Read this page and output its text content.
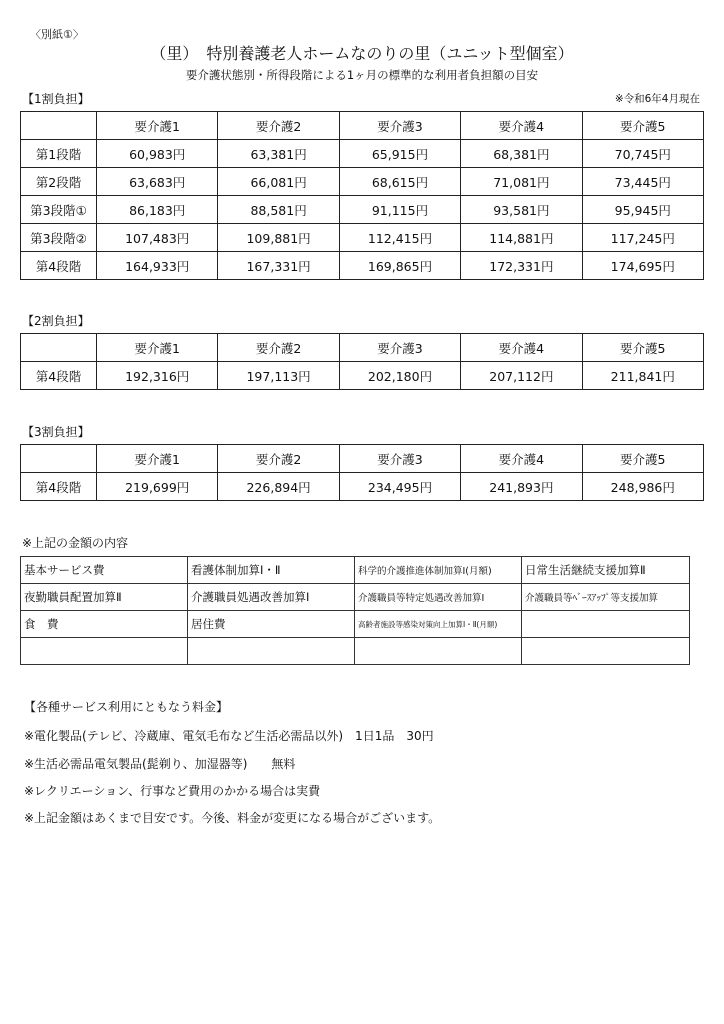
〈別紙①〉
（里）　特別養護老人ホームなのりの里（ユニット型個室）
要介護状態別・所得段階による1ヶ月の標準的な利用者負担額の目安
【1割負担】	※令和6年4月現在
	要介護1	要介護2	要介護3	要介護4	要介護5
第1段階	60,983円	63,381円	65,915円	68,381円	70,745円
第2段階	63,683円	66,081円	68,615円	71,081円	73,445円
第3段階①	86,183円	88,581円	91,115円	93,581円	95,945円
第3段階②	107,483円	109,881円	112,415円	114,881円	117,245円
第4段階	164,933円	167,331円	169,865円	172,331円	174,695円
【2割負担】
	要介護1	要介護2	要介護3	要介護4	要介護5
第4段階	192,316円	197,113円	202,180円	207,112円	211,841円
【3割負担】
	要介護1	要介護2	要介護3	要介護4	要介護5
第4段階	219,699円	226,894円	234,495円	241,893円	248,986円
※上記の金額の内容
基本サービス費	看護体制加算Ⅰ・Ⅱ	科学的介護推進体制加算Ⅰ(月額)	日常生活継続支援加算Ⅱ
夜勤職員配置加算Ⅱ	介護職員処遇改善加算Ⅰ	介護職員等特定処遇改善加算Ⅰ	介護職員等ﾍﾞｰｽｱｯﾌﾟ等支援加算
食　費	居住費	高齢者施設等感染対策向上加算Ⅰ・Ⅱ(月額)	

【各種サービス利用にともなう料金】
※電化製品(テレビ、冷蔵庫、電気毛布など生活必需品以外)　1日1品　30円
※生活必需品電気製品(髭剃り、加湿器等)　　無料
※レクリエーション、行事など費用のかかる場合は実費
※上記金額はあくまで目安です。今後、料金が変更になる場合がございます。
